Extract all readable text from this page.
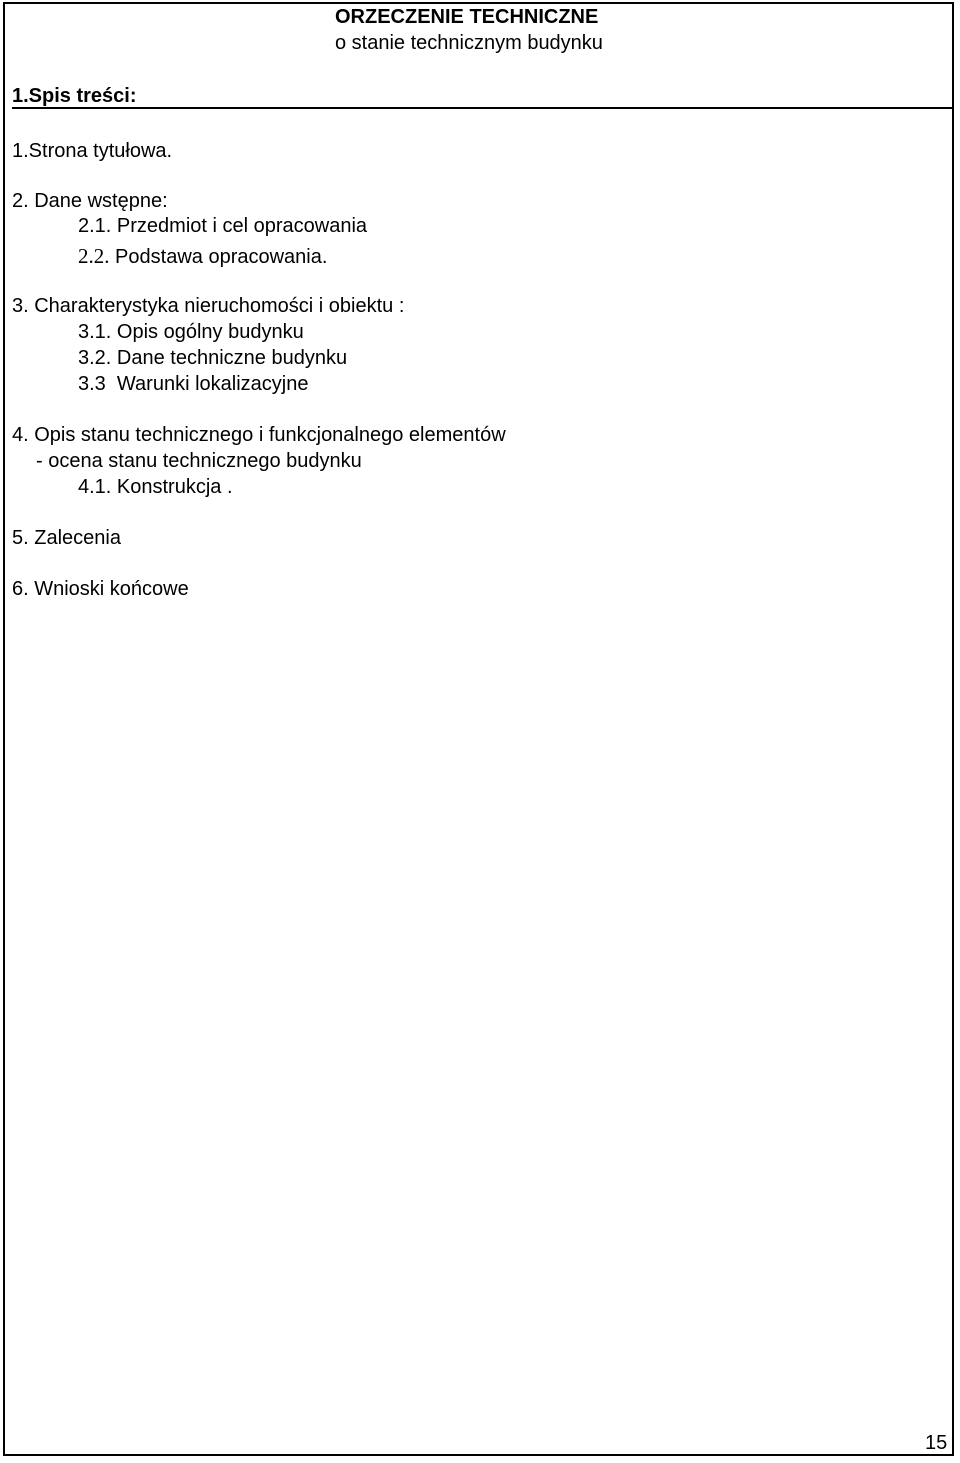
ORZECZENIE TECHNICZNE
o stanie technicznym budynku
1.Spis treści:
1.Strona tytułowa.
2. Dane wstępne:
2.1. Przedmiot i cel opracowania
2.2. Podstawa opracowania.
3. Charakterystyka nieruchomości i obiektu :
3.1. Opis ogólny budynku
3.2. Dane techniczne budynku
3.3  Warunki lokalizacyjne
4. Opis stanu technicznego i funkcjonalnego elementów
- ocena stanu technicznego budynku
4.1. Konstrukcja .
5. Zalecenia
6. Wnioski końcowe
15
